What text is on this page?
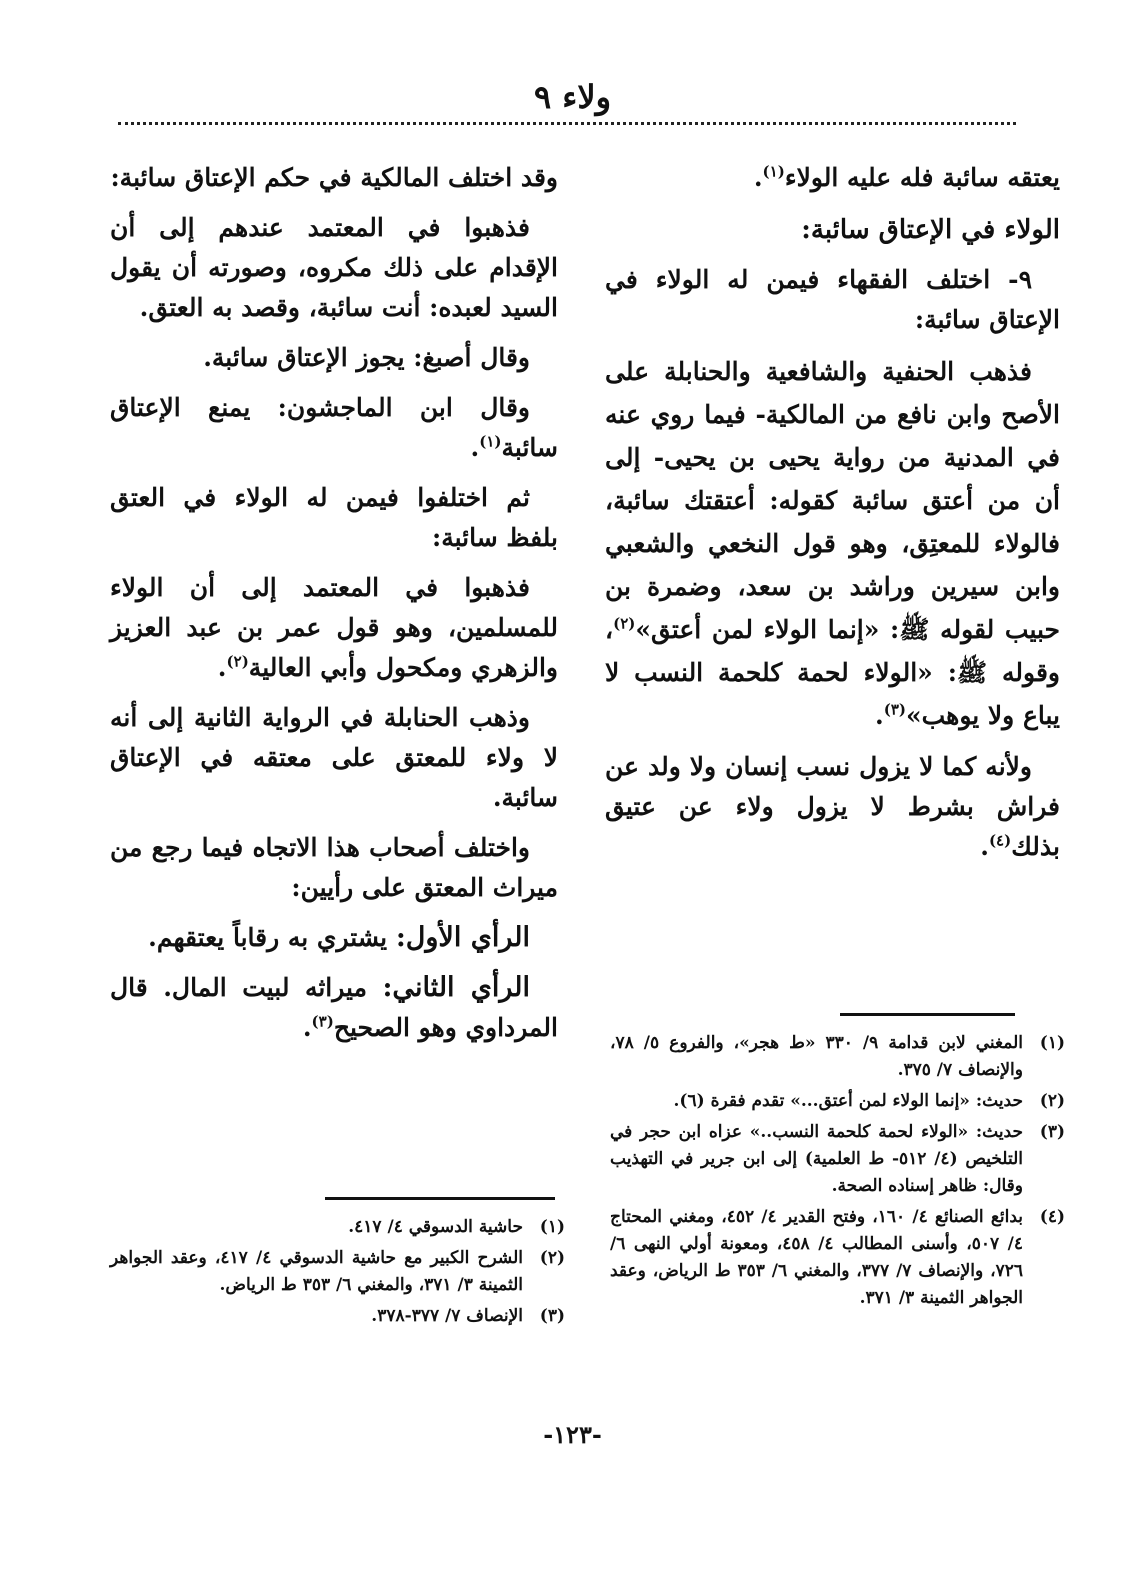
ولاء ٩

يعتقه سائبة فله عليه الولاء$^{(١)}$.

الولاء في الإعتاق سائبة:

٩- اختلف الفقهاء فيمن له الولاء في الإعتاق سائبة:

فذهب الحنفية والشافعية والحنابلة على الأصح وابن نافع من المالكية- فيما روي عنه في المدنية من رواية يحيى بن يحيى- إلى أن من أعتق سائبة كقوله: أعتقتك سائبة، فالولاء للمعتِق، وهو قول النخعي والشعبي وابن سيرين وراشد بن سعد، وضمرة بن حبيب لقوله ﷺ: «إنما الولاء لمن أعتق»$^{(٢)}$، وقوله ﷺ: «الولاء لحمة كلحمة النسب لا يباع ولا يوهب»$^{(٣)}$.

ولأنه كما لا يزول نسب إنسان ولا ولد عن فراش بشرط لا يزول ولاء عن عتيق بذلك$^{(٤)}$.

وقد اختلف المالكية في حكم الإعتاق سائبة:

فذهبوا في المعتمد عندهم إلى أن الإقدام على ذلك مكروه، وصورته أن يقول السيد لعبده: أنت سائبة، وقصد به العتق.

وقال أصبغ: يجوز الإعتاق سائبة.

وقال ابن الماجشون: يمنع الإعتاق سائبة$^{(١)}$.

ثم اختلفوا فيمن له الولاء في العتق بلفظ سائبة:

فذهبوا في المعتمد إلى أن الولاء للمسلمين، وهو قول عمر بن عبد العزيز والزهري ومكحول وأبي العالية$^{(٢)}$.

وذهب الحنابلة في الرواية الثانية إلى أنه لا ولاء للمعتق على معتقه في الإعتاق سائبة.

واختلف أصحاب هذا الاتجاه فيما رجع من ميراث المعتق على رأيين:

الرأي الأول: يشتري به رقاباً يعتقهم.

الرأي الثاني: ميراثه لبيت المال. قال المرداوي وهو الصحيح$^{(٣)}$.

(١)
المغني لابن قدامة ٩/ ٣٣٠ «ط هجر»، والفروع ٥/ ٧٨، والإنصاف ٧/ ٣٧٥.
(٢)
حديث: «إنما الولاء لمن أعتق...» تقدم فقرة (٦).
(٣)
حديث: «الولاء لحمة كلحمة النسب..» عزاه ابن حجر في التلخيص (٤/ ٥١٢- ط العلمية) إلى ابن جرير في التهذيب وقال: ظاهر إسناده الصحة.
(٤)
بدائع الصنائع ٤/ ١٦٠، وفتح القدير ٤/ ٤٥٢، ومغني المحتاج ٤/ ٥٠٧، وأسنى المطالب ٤/ ٤٥٨، ومعونة أولي النهى ٦/ ٧٢٦، والإنصاف ٧/ ٣٧٧، والمغني ٦/ ٣٥٣ ط الرياض، وعقد الجواهر الثمينة ٣/ ٣٧١.
(١)
حاشية الدسوقي ٤/ ٤١٧.
(٢)
الشرح الكبير مع حاشية الدسوقي ٤/ ٤١٧، وعقد الجواهر الثمينة ٣/ ٣٧١، والمغني ٦/ ٣٥٣ ط الرياض.
(٣)
الإنصاف ٧/ ٣٧٧-٣٧٨.
-١٢٣-
